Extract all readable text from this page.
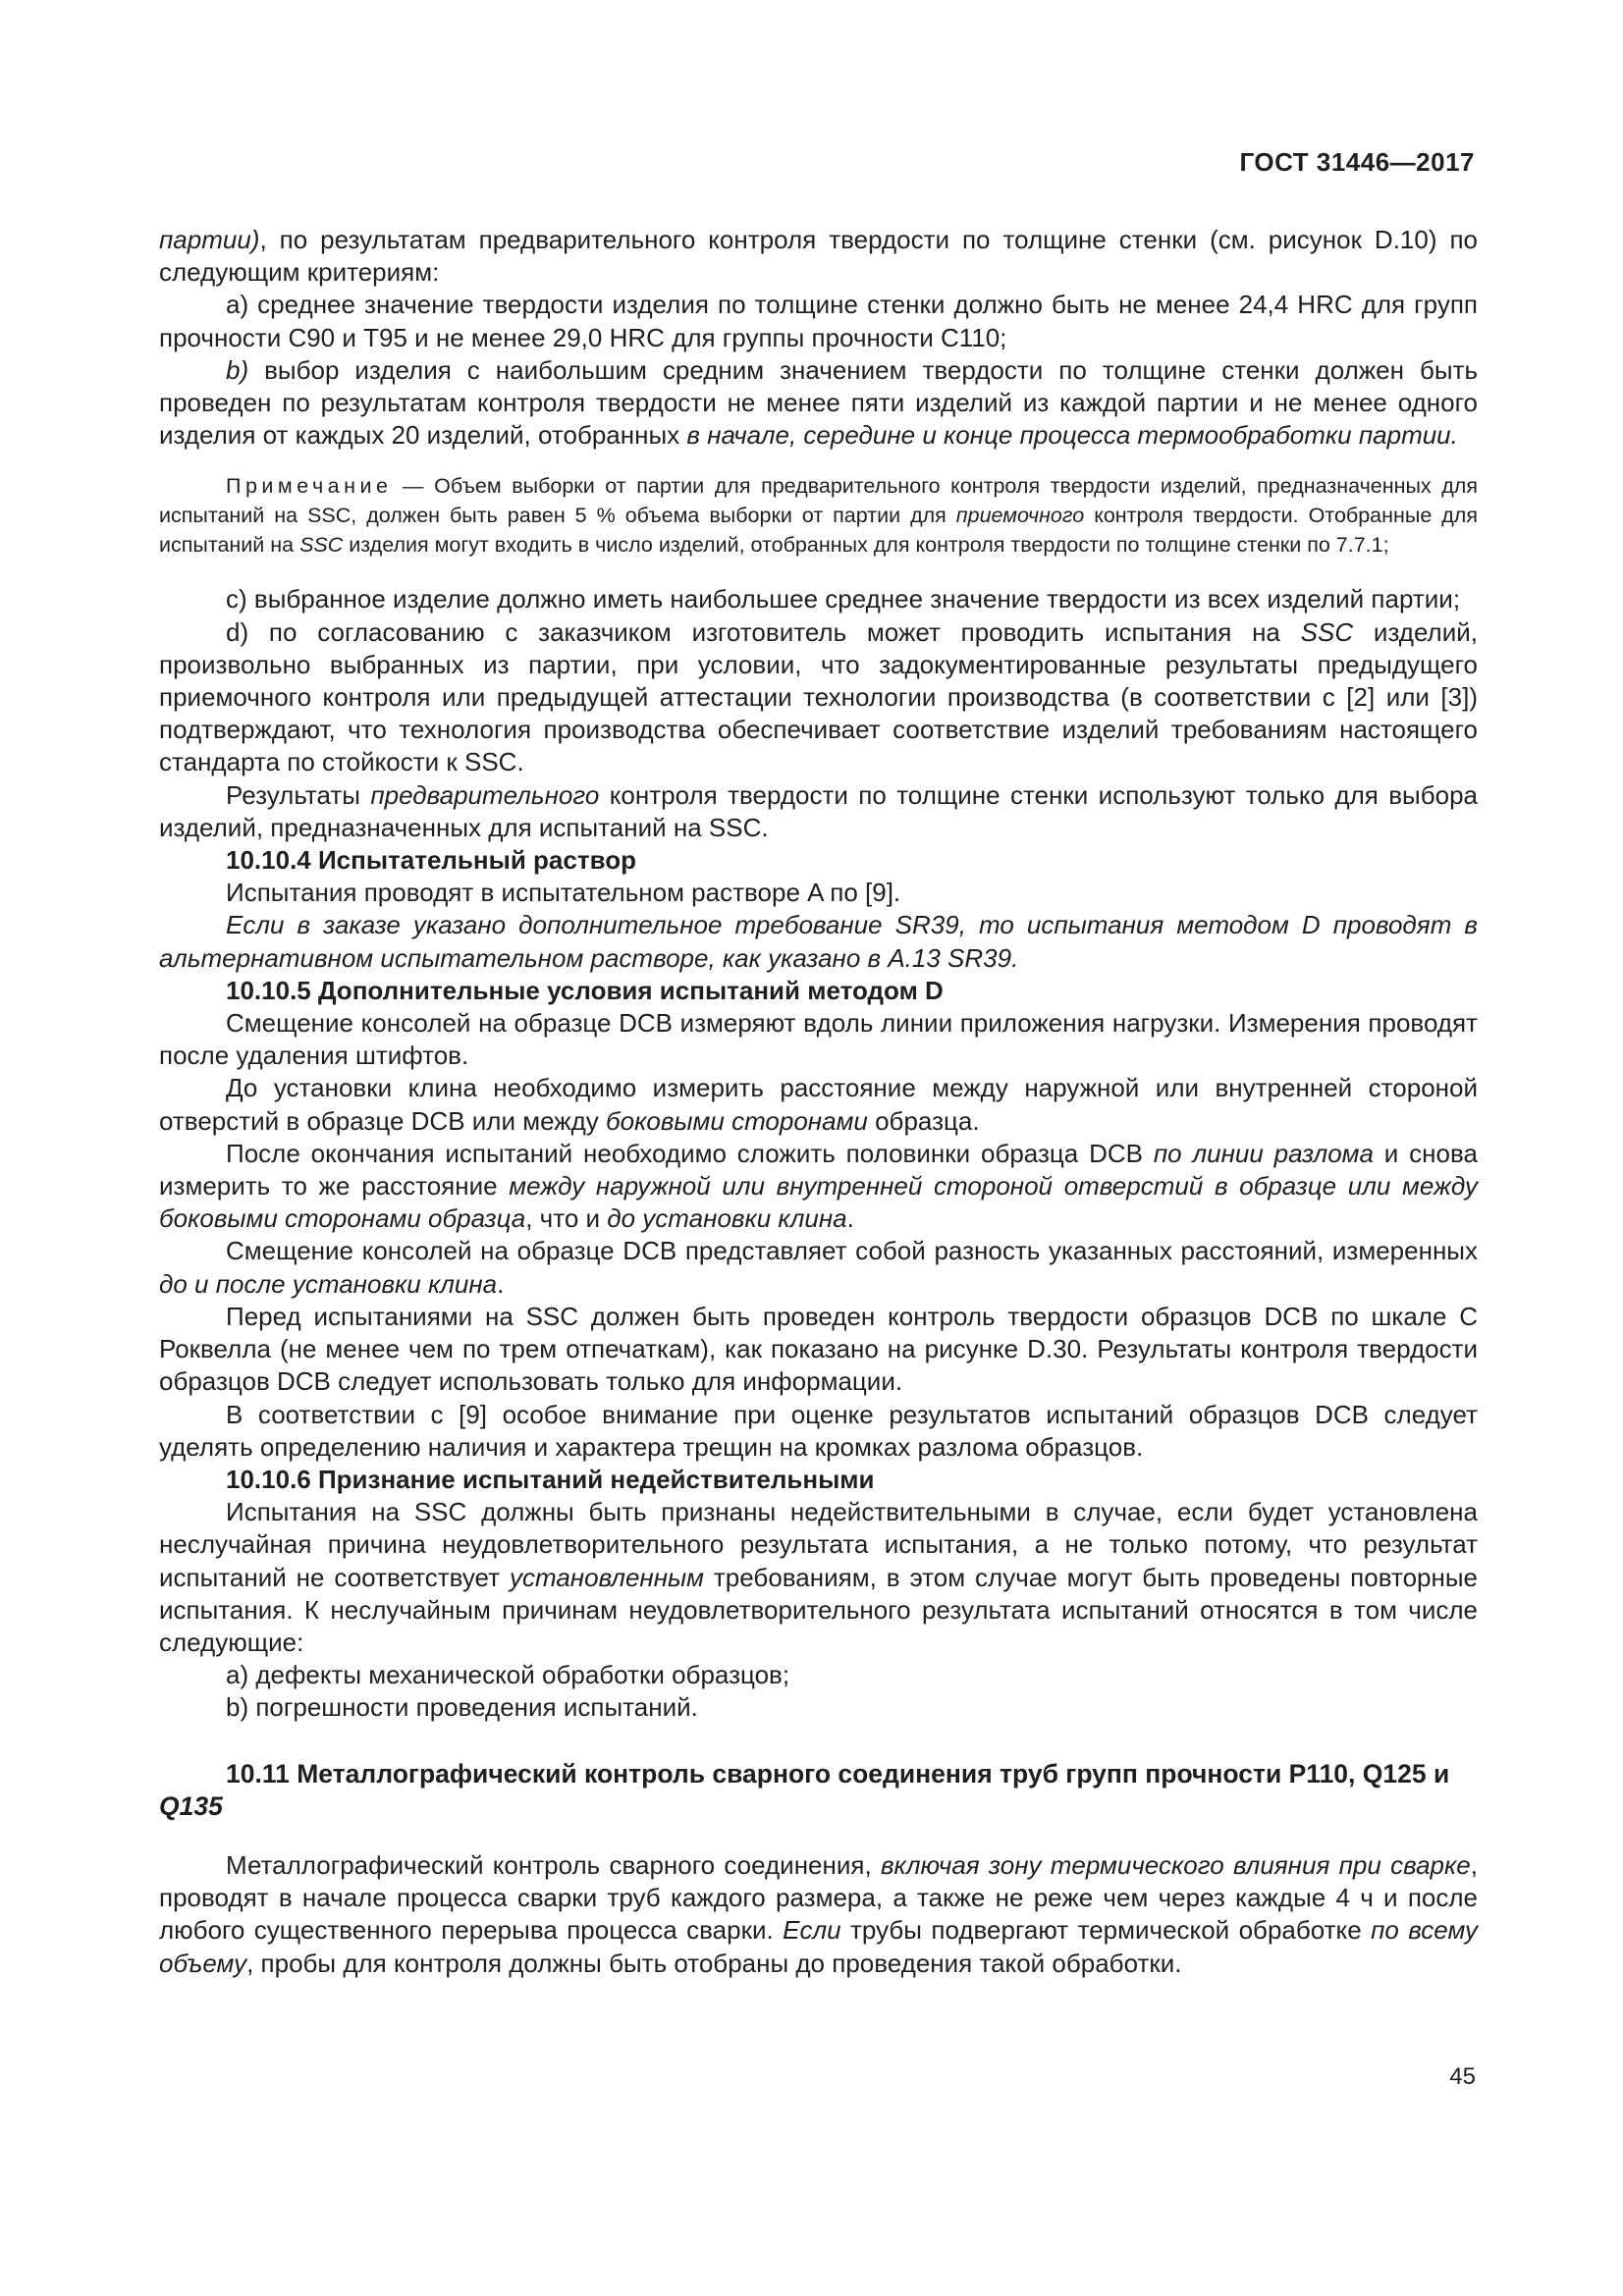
ГОСТ 31446—2017

партии), по результатам предварительного контроля твердости по толщине стенки (см. рисунок D.10) по следующим критериям:

a) среднее значение твердости изделия по толщине стенки должно быть не менее 24,4 HRC для групп прочности C90 и T95 и не менее 29,0 HRC для группы прочности C110;

b) выбор изделия с наибольшим средним значением твердости по толщине стенки должен быть проведен по результатам контроля твердости не менее пяти изделий из каждой партии и не менее одного изделия от каждых 20 изделий, отобранных в начале, середине и конце процесса термообработки партии.

Примечание — Объем выборки от партии для предварительного контроля твердости изделий, предназначенных для испытаний на SSC, должен быть равен 5 % объема выборки от партии для приемочного контроля твердости. Отобранные для испытаний на SSC изделия могут входить в число изделий, отобранных для контроля твердости по толщине стенки по 7.7.1;

c) выбранное изделие должно иметь наибольшее среднее значение твердости из всех изделий партии;

d) по согласованию с заказчиком изготовитель может проводить испытания на SSC изделий, произвольно выбранных из партии, при условии, что задокументированные результаты предыдущего приемочного контроля или предыдущей аттестации технологии производства (в соответствии с [2] или [3]) подтверждают, что технология производства обеспечивает соответствие изделий требованиям настоящего стандарта по стойкости к SSC.

Результаты предварительного контроля твердости по толщине стенки используют только для выбора изделий, предназначенных для испытаний на SSC.

10.10.4 Испытательный раствор

Испытания проводят в испытательном растворе A по [9].

Если в заказе указано дополнительное требование SR39, то испытания методом D проводят в альтернативном испытательном растворе, как указано в A.13 SR39.

10.10.5 Дополнительные условия испытаний методом D

Смещение консолей на образце DCB измеряют вдоль линии приложения нагрузки. Измерения проводят после удаления штифтов.

До установки клина необходимо измерить расстояние между наружной или внутренней стороной отверстий в образце DCB или между боковыми сторонами образца.

После окончания испытаний необходимо сложить половинки образца DCB по линии разлома и снова измерить то же расстояние между наружной или внутренней стороной отверстий в образце или между боковыми сторонами образца, что и до установки клина.

Смещение консолей на образце DCB представляет собой разность указанных расстояний, измеренных до и после установки клина.

Перед испытаниями на SSC должен быть проведен контроль твердости образцов DCB по шкале C Роквелла (не менее чем по трем отпечаткам), как показано на рисунке D.30. Результаты контроля твердости образцов DCB следует использовать только для информации.

В соответствии с [9] особое внимание при оценке результатов испытаний образцов DCB следует уделять определению наличия и характера трещин на кромках разлома образцов.

10.10.6 Признание испытаний недействительными

Испытания на SSC должны быть признаны недействительными в случае, если будет установлена неслучайная причина неудовлетворительного результата испытания, а не только потому, что результат испытаний не соответствует установленным требованиям, в этом случае могут быть проведены повторные испытания. К неслучайным причинам неудовлетворительного результата испытаний относятся в том числе следующие:

a) дефекты механической обработки образцов;

b) погрешности проведения испытаний.

10.11 Металлографический контроль сварного соединения труб групп прочности P110, Q125 и Q135

Металлографический контроль сварного соединения, включая зону термического влияния при сварке, проводят в начале процесса сварки труб каждого размера, а также не реже чем через каждые 4 ч и после любого существенного перерыва процесса сварки. Если трубы подвергают термической обработке по всему объему, пробы для контроля должны быть отобраны до проведения такой обработки.

45
